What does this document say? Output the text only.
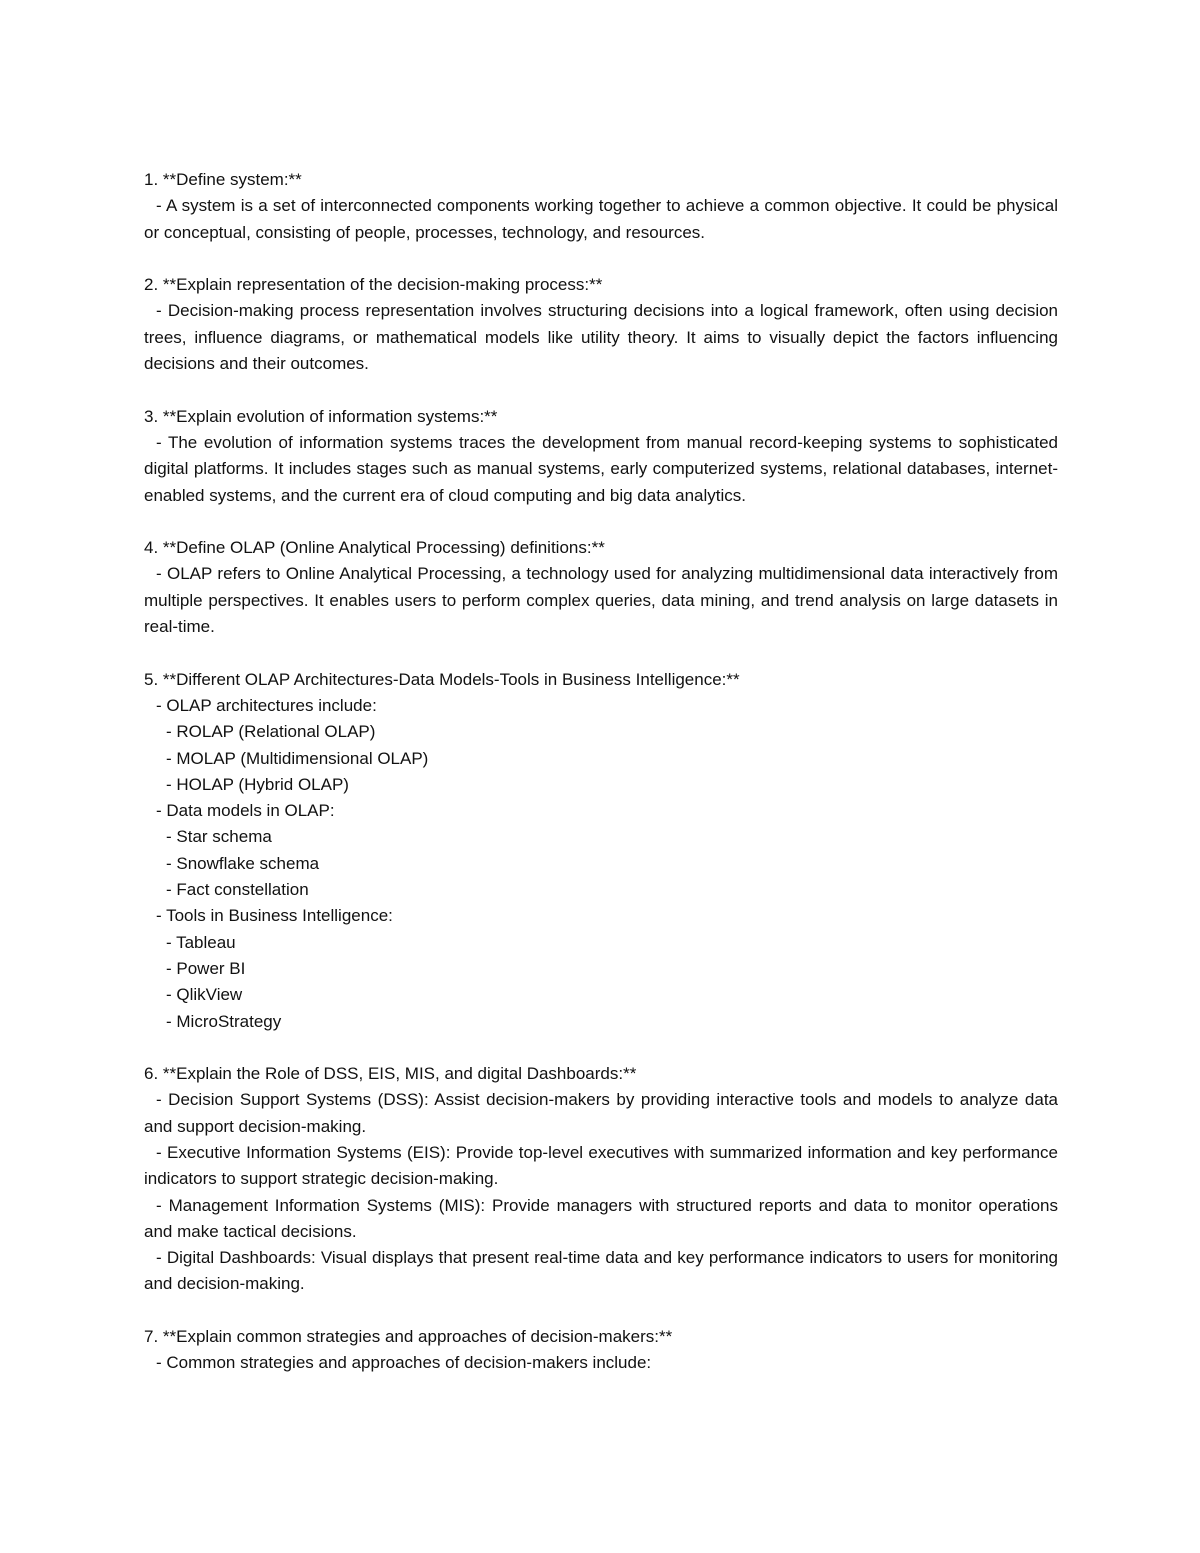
1. **Define system:**

- A system is a set of interconnected components working together to achieve a common objective. It could be physical or conceptual, consisting of people, processes, technology, and resources.

2. **Explain representation of the decision-making process:**

- Decision-making process representation involves structuring decisions into a logical framework, often using decision trees, influence diagrams, or mathematical models like utility theory. It aims to visually depict the factors influencing decisions and their outcomes.

3. **Explain evolution of information systems:**

- The evolution of information systems traces the development from manual record-keeping systems to sophisticated digital platforms. It includes stages such as manual systems, early computerized systems, relational databases, internet-enabled systems, and the current era of cloud computing and big data analytics.

4. **Define OLAP (Online Analytical Processing) definitions:**

- OLAP refers to Online Analytical Processing, a technology used for analyzing multidimensional data interactively from multiple perspectives. It enables users to perform complex queries, data mining, and trend analysis on large datasets in real-time.

5. **Different OLAP Architectures-Data Models-Tools in Business Intelligence:**

- OLAP architectures include:

- ROLAP (Relational OLAP)

- MOLAP (Multidimensional OLAP)

- HOLAP (Hybrid OLAP)

- Data models in OLAP:

- Star schema

- Snowflake schema

- Fact constellation

- Tools in Business Intelligence:

- Tableau

- Power BI

- QlikView

- MicroStrategy

6. **Explain the Role of DSS, EIS, MIS, and digital Dashboards:**

- Decision Support Systems (DSS): Assist decision-makers by providing interactive tools and models to analyze data and support decision-making.

- Executive Information Systems (EIS): Provide top-level executives with summarized information and key performance indicators to support strategic decision-making.

- Management Information Systems (MIS): Provide managers with structured reports and data to monitor operations and make tactical decisions.

- Digital Dashboards: Visual displays that present real-time data and key performance indicators to users for monitoring and decision-making.

7. **Explain common strategies and approaches of decision-makers:**

- Common strategies and approaches of decision-makers include:
